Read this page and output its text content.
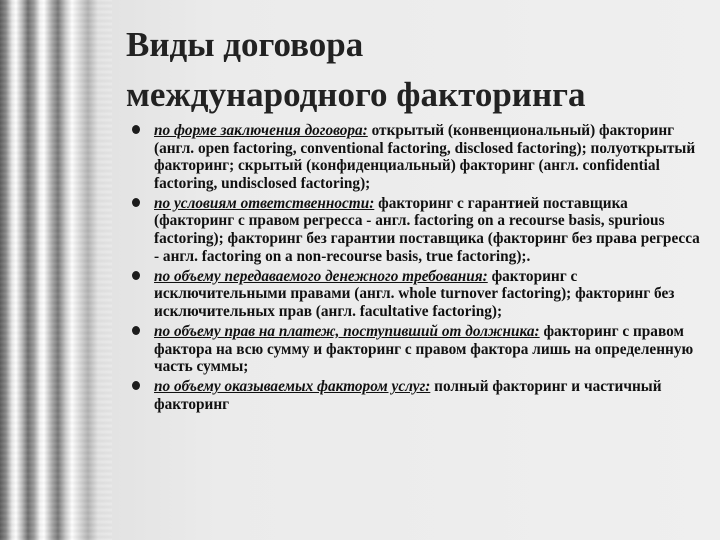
Виды договора
международного факторинга
по форме заключения договора: открытый (конвенциональный) факторинг (англ. open factoring, conventional factoring, disclosed factoring); полуоткрытый факторинг; скрытый (конфиденциальный) факторинг (англ. confidential factoring, undisclosed factoring);
по условиям ответственности: факторинг с гарантией поставщика (факторинг с правом регресса - англ. factoring on a recourse basis, spurious factoring); факторинг без гарантии поставщика (факторинг без права регресса - англ. factoring on a non-recourse basis, true factoring);.
по объему передаваемого денежного требования: факторинг с исключительными правами (англ. whole turnover factoring); факторинг без исключительных прав (англ. facultative factoring);
по объему прав на платеж, поступивший от должника: факторинг с правом фактора на всю сумму и факторинг с правом фактора лишь на определенную часть суммы;
по объему оказываемых фактором услуг: полный факторинг и частичный факторинг
